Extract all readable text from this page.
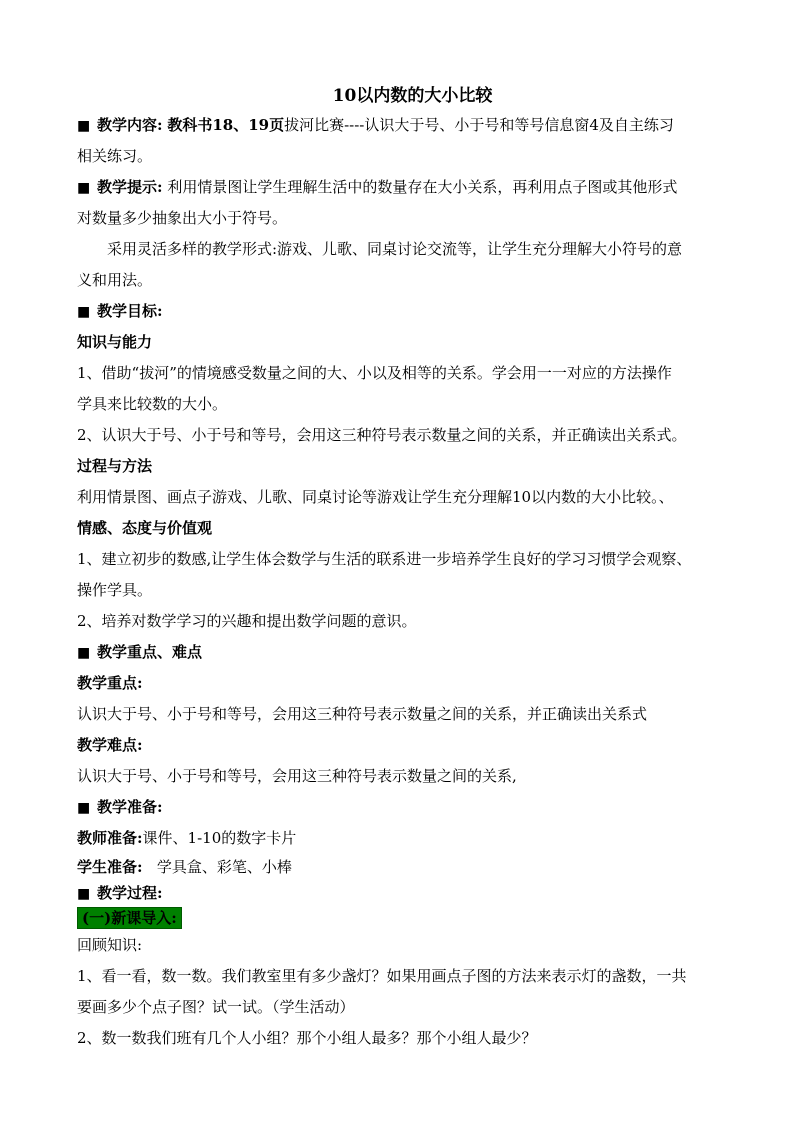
10以内数的大小比较
■ 教学内容: 教科书18、19页拔河比赛----认识大于号、小于号和等号信息窗4及自主练习
相关练习。
■ 教学提示: 利用情景图让学生理解生活中的数量存在大小关系，再利用点子图或其他形式
对数量多少抽象出大小于符号。
采用灵活多样的教学形式:游戏、儿歌、同桌讨论交流等，让学生充分理解大小符号的意
义和用法。
■ 教学目标:
知识与能力
1、借助“拔河”的情境感受数量之间的大、小以及相等的关系。学会用一一对应的方法操作
学具来比较数的大小。
2、认识大于号、小于号和等号，会用这三种符号表示数量之间的关系，并正确读出关系式。
过程与方法
利用情景图、画点子游戏、儿歌、同桌讨论等游戏让学生充分理解10以内数的大小比较。、
情感、态度与价值观
1、建立初步的数感,让学生体会数学与生活的联系进一步培养学生良好的学习习惯学会观察、
操作学具。
2、培养对数学学习的兴趣和提出数学问题的意识。
■ 教学重点、难点
教学重点:
认识大于号、小于号和等号，会用这三种符号表示数量之间的关系，并正确读出关系式
教学难点:
认识大于号、小于号和等号，会用这三种符号表示数量之间的关系,
■ 教学准备:
教师准备:课件、1-10的数字卡片
学生准备: 学具盒、彩笔、小棒
■ 教学过程:
(一)新课导入:
回顾知识:
1、看一看，数一数。我们教室里有多少盏灯？如果用画点子图的方法来表示灯的盏数，一共
要画多少个点子图？试一试。（学生活动）
2、数一数我们班有几个人小组？那个小组人最多？那个小组人最少？
